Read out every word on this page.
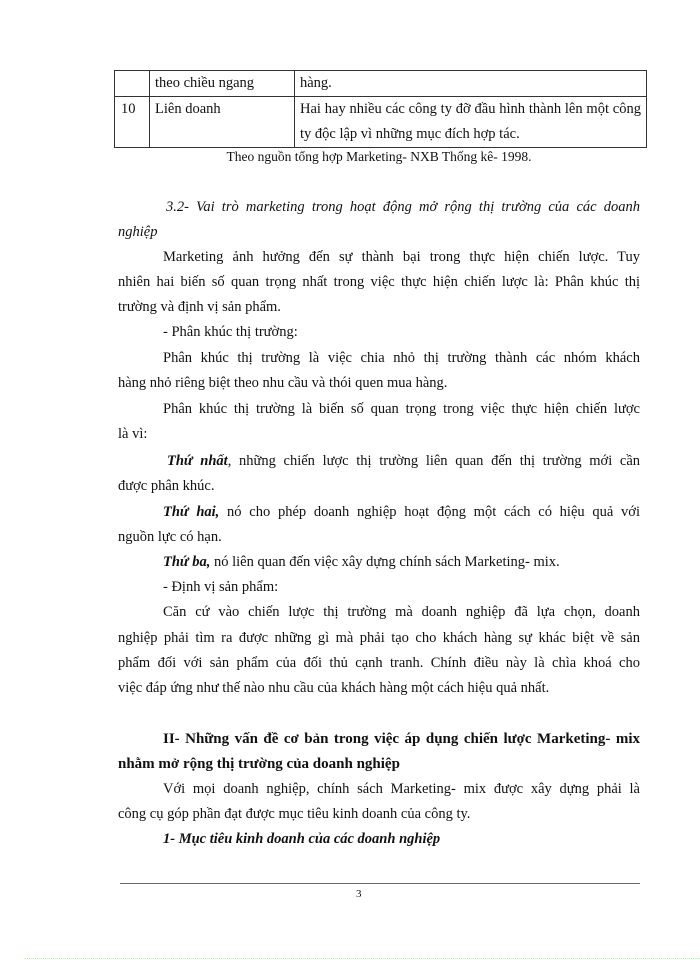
	theo chiều ngang	hàng.
10	Liên doanh	Hai hay nhiều các công ty đỡ đầu hình thành lên một công ty độc lập vì những mục đích hợp tác.
Theo nguồn tổng hợp Marketing- NXB Thống kê- 1998.
3.2- Vai trò marketing trong hoạt động mở rộng thị trường của các doanh
nghiệp
Marketing ảnh hưởng đến sự thành bại trong thực hiện chiến lược. Tuy
nhiên hai biến số quan trọng nhất trong việc thực hiện chiến lược là: Phân khúc thị
trường và định vị sản phẩm.
- Phân khúc thị trường:
Phân khúc thị trường là việc chia nhỏ thị trường thành các nhóm khách
hàng nhỏ riêng biệt theo nhu cầu và thói quen mua hàng.
Phân khúc thị trường là biến số quan trọng trong việc thực hiện chiến lược
là vì:
Thứ nhất, những chiến lược thị trường liên quan đến thị trường mới cần
được phân khúc.
Thứ hai, nó cho phép doanh nghiệp hoạt động một cách có hiệu quả với
nguồn lực có hạn.
Thứ ba, nó liên quan đến việc xây dựng chính sách Marketing- mix.
- Định vị sản phẩm:
Căn cứ vào chiến lược thị trường mà doanh nghiệp đã lựa chọn, doanh
nghiệp phải tìm ra được những gì mà phải tạo cho khách hàng sự khác biệt về sản
phẩm đối với sản phẩm của đối thủ cạnh tranh. Chính điều này là chìa khoá cho
việc đáp ứng như thế nào nhu cầu của khách hàng một cách hiệu quả nhất.
II- Những vấn đề cơ bản trong việc áp dụng chiến lược Marketing- mix
nhằm mở rộng thị trường của doanh nghiệp
Với mọi doanh nghiệp, chính sách Marketing- mix được xây dựng phải là
công cụ góp phần đạt được mục tiêu kinh doanh của công ty.
1- Mục tiêu kinh doanh của các doanh nghiệp
3
